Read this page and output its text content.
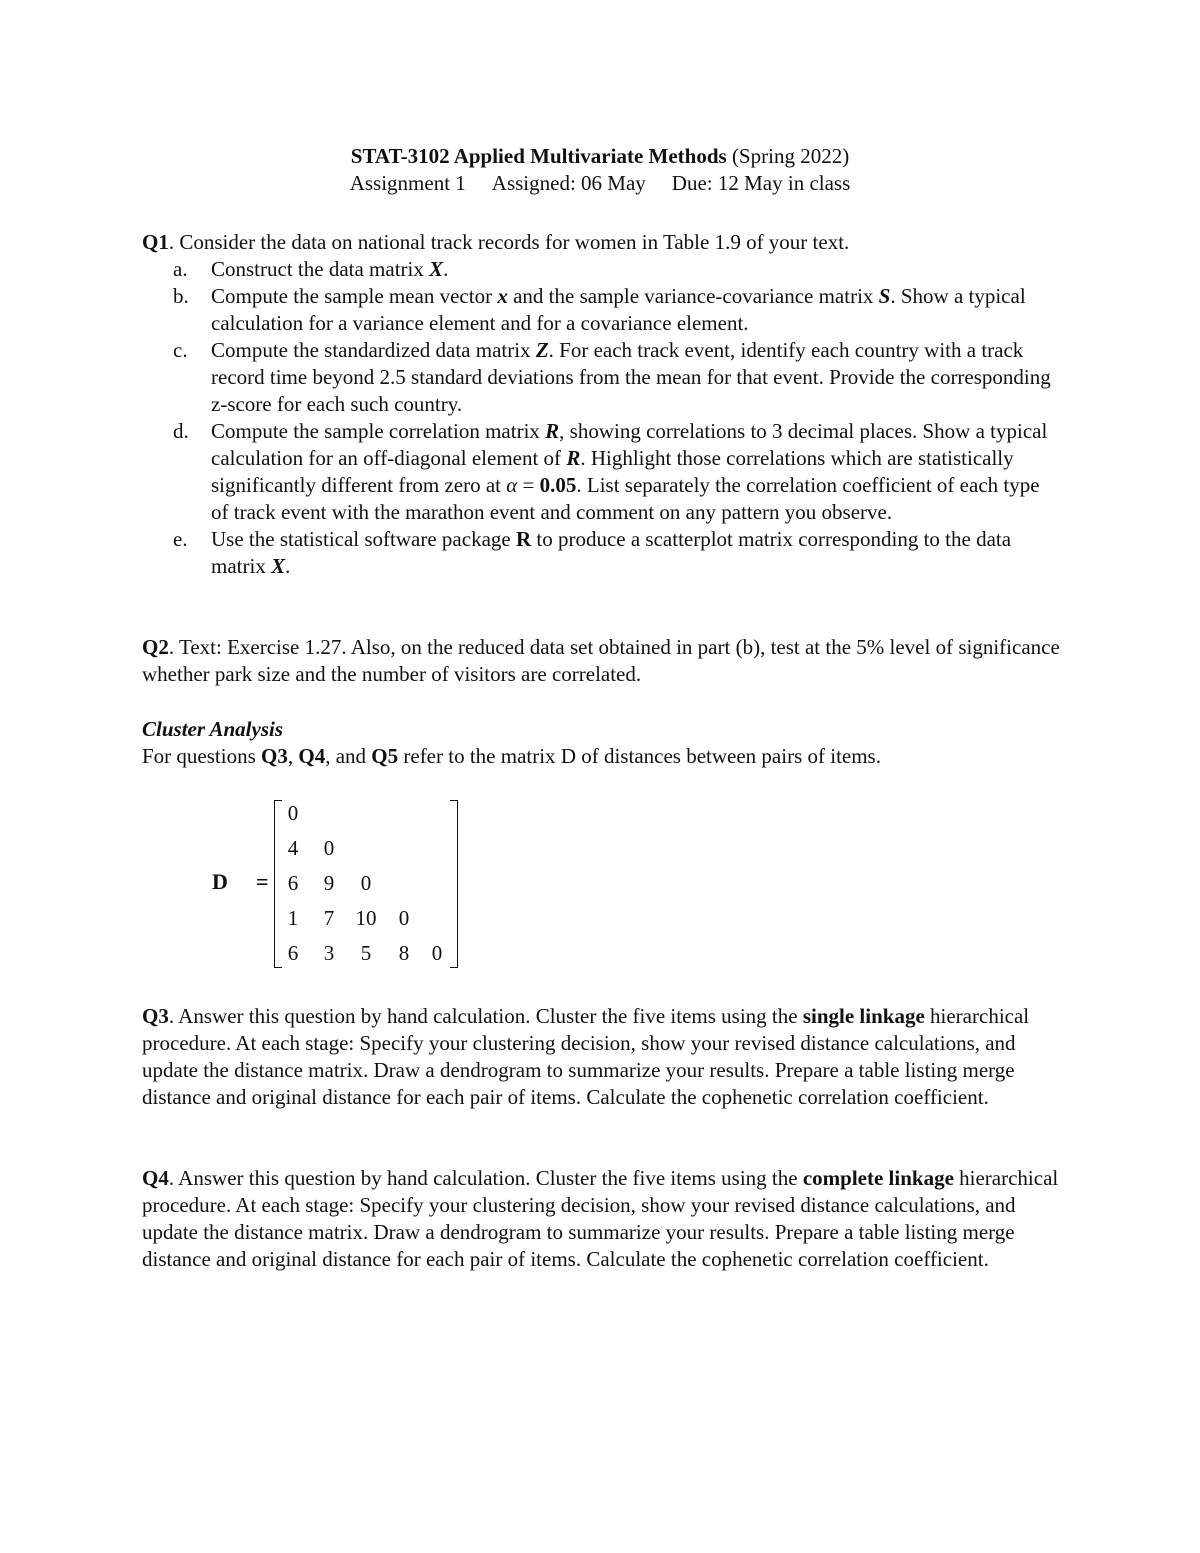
STAT-3102 Applied Multivariate Methods (Spring 2022)
Assignment 1 Assigned: 06 May Due: 12 May in class
Q1. Consider the data on national track records for women in Table 1.9 of your text.
a. Construct the data matrix X.
b. Compute the sample mean vector x and the sample variance-covariance matrix S. Show a typical calculation for a variance element and for a covariance element.
c. Compute the standardized data matrix Z. For each track event, identify each country with a track record time beyond 2.5 standard deviations from the mean for that event. Provide the corresponding z-score for each such country.
d. Compute the sample correlation matrix R, showing correlations to 3 decimal places. Show a typical calculation for an off-diagonal element of R. Highlight those correlations which are statistically significantly different from zero at α = 0.05. List separately the correlation coefficient of each type of track event with the marathon event and comment on any pattern you observe.
e. Use the statistical software package R to produce a scatterplot matrix corresponding to the data matrix X.
Q2. Text: Exercise 1.27. Also, on the reduced data set obtained in part (b), test at the 5% level of significance whether park size and the number of visitors are correlated.
Cluster Analysis
For questions Q3, Q4, and Q5 refer to the matrix D of distances between pairs of items.
D =
0
4	0
6	9	0
1	7	10	0
6	3	5	8	0
Q3. Answer this question by hand calculation. Cluster the five items using the single linkage hierarchical procedure. At each stage: Specify your clustering decision, show your revised distance calculations, and update the distance matrix. Draw a dendrogram to summarize your results. Prepare a table listing merge distance and original distance for each pair of items. Calculate the cophenetic correlation coefficient.
Q4. Answer this question by hand calculation. Cluster the five items using the complete linkage hierarchical procedure. At each stage: Specify your clustering decision, show your revised distance calculations, and update the distance matrix. Draw a dendrogram to summarize your results. Prepare a table listing merge distance and original distance for each pair of items. Calculate the cophenetic correlation coefficient.
